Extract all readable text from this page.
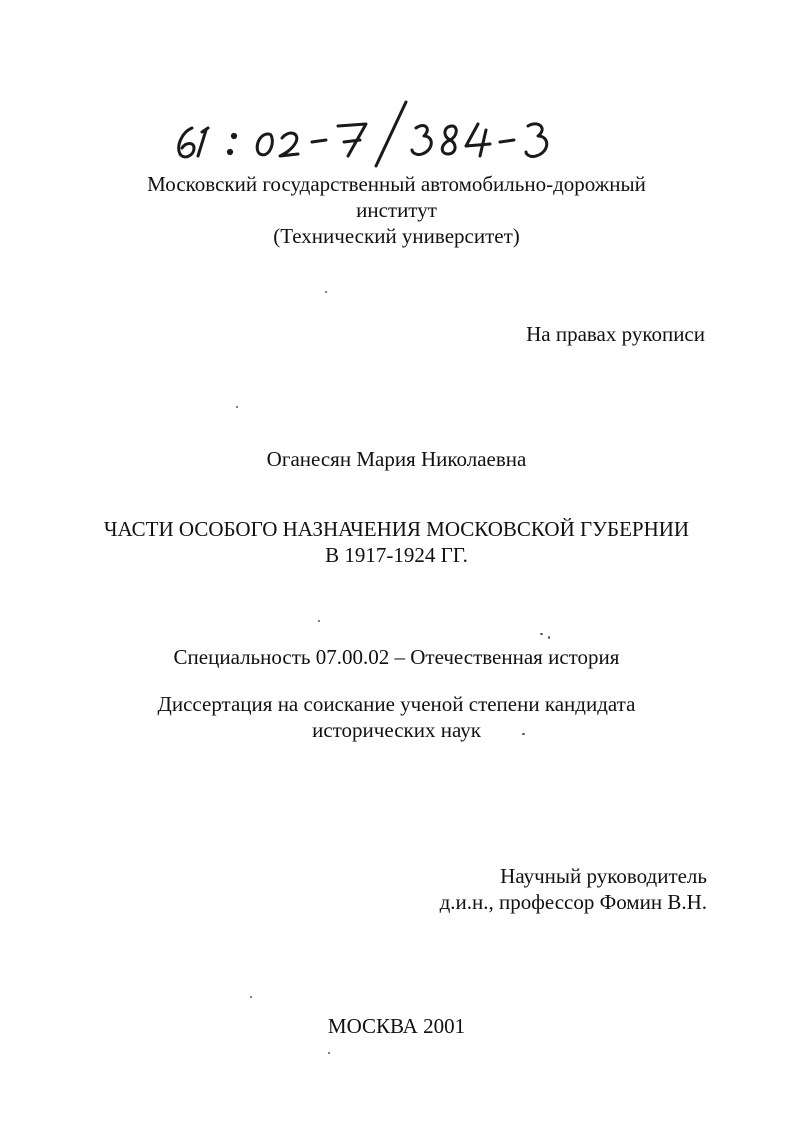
Московский государственный автомобильно-дорожный
институт
(Технический университет)
На правах рукописи
Оганесян Мария Николаевна
ЧАСТИ ОСОБОГО НАЗНАЧЕНИЯ МОСКОВСКОЙ ГУБЕРНИИ
В 1917-1924 ГГ.
Специальность 07.00.02 – Отечественная история
Диссертация на соискание ученой степени кандидата
исторических наук
Научный руководитель
д.и.н., профессор Фомин В.Н.
МОСКВА 2001
